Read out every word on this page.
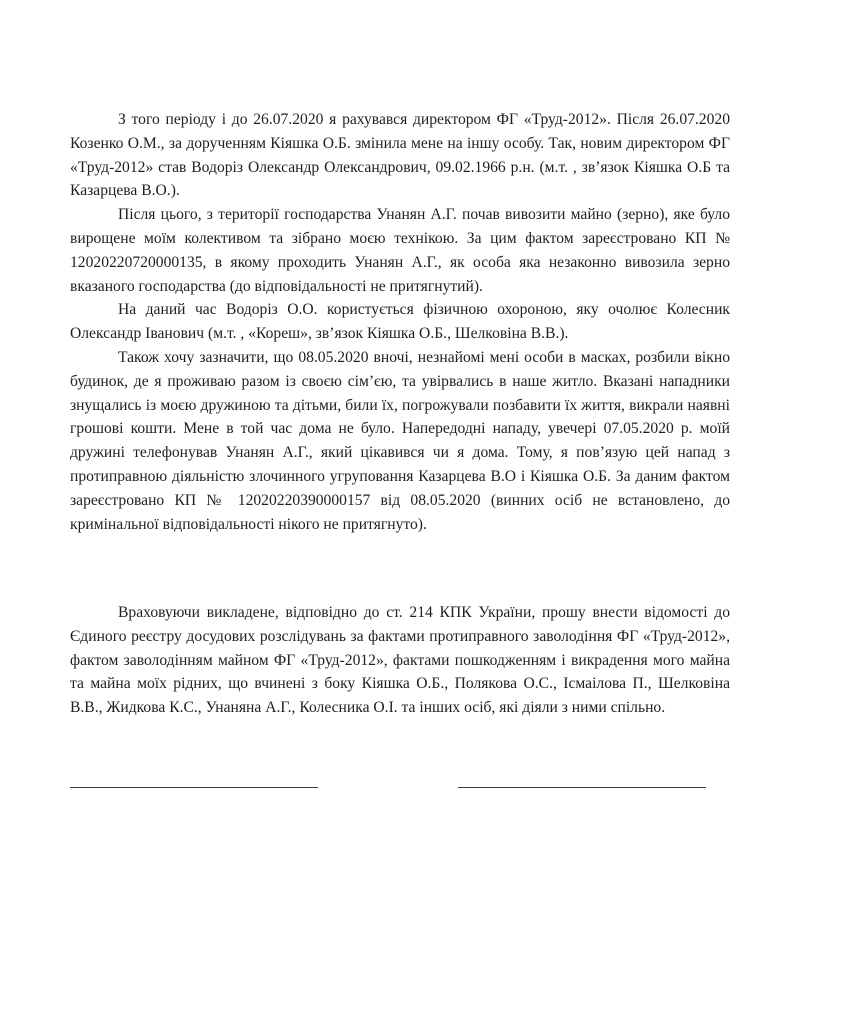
З того періоду і до 26.07.2020 я рахувався директором ФГ «Труд-2012». Після 26.07.2020 Козенко О.М., за дорученням Кіяшка О.Б. змінила мене на іншу особу. Так, новим директором ФГ «Труд-2012» став Водоріз Олександр Олександрович, 09.02.1966 р.н. (м.т. , зв’язок Кіяшка О.Б та Казарцева В.О.).

Після цього, з території господарства Унанян А.Г. почав вивозити майно (зерно), яке було вирощене моїм колективом та зібрано моєю технікою. За цим фактом зареєстровано КП № 12020220720000135, в якому проходить Унанян А.Г., як особа яка незаконно вивозила зерно вказаного господарства (до відповідальності не притягнутий).

На даний час Водоріз О.О. користується фізичною охороною, яку очолює Колесник Олександр Іванович (м.т. , «Кореш», зв’язок Кіяшка О.Б., Шелковіна В.В.).

Також хочу зазначити, що 08.05.2020 вночі, незнайомі мені особи в масках, розбили вікно будинок, де я проживаю разом із своєю сім’єю, та увірвались в наше житло. Вказані нападники знущались із моєю дружиною та дітьми, били їх, погрожували позбавити їх життя, викрали наявні грошові кошти. Мене в той час дома не було. Напередодні нападу, увечері 07.05.2020 р. моїй дружині телефонував Унанян А.Г., який цікавився чи я дома. Тому, я пов’язую цей напад з протиправною діяльністю злочинного угруповання Казарцева В.О і Кіяшка О.Б. За даним фактом зареєстровано КП № 12020220390000157 від 08.05.2020 (винних осіб не встановлено, до кримінальної відповідальності нікого не притягнуто).

Враховуючи викладене, відповідно до ст. 214 КПК України, прошу внести відомості до Єдиного реєстру досудових розслідувань за фактами протиправного заволодіння ФГ «Труд-2012», фактом заволодінням майном ФГ «Труд-2012», фактами пошкодженням і викрадення мого майна та майна моїх рідних, що вчинені з боку Кіяшка О.Б., Полякова О.С., Ісмаілова П., Шелковіна В.В., Жидкова К.С., Унаняна А.Г., Колесника О.І. та інших осіб, які діяли з ними спільно.
